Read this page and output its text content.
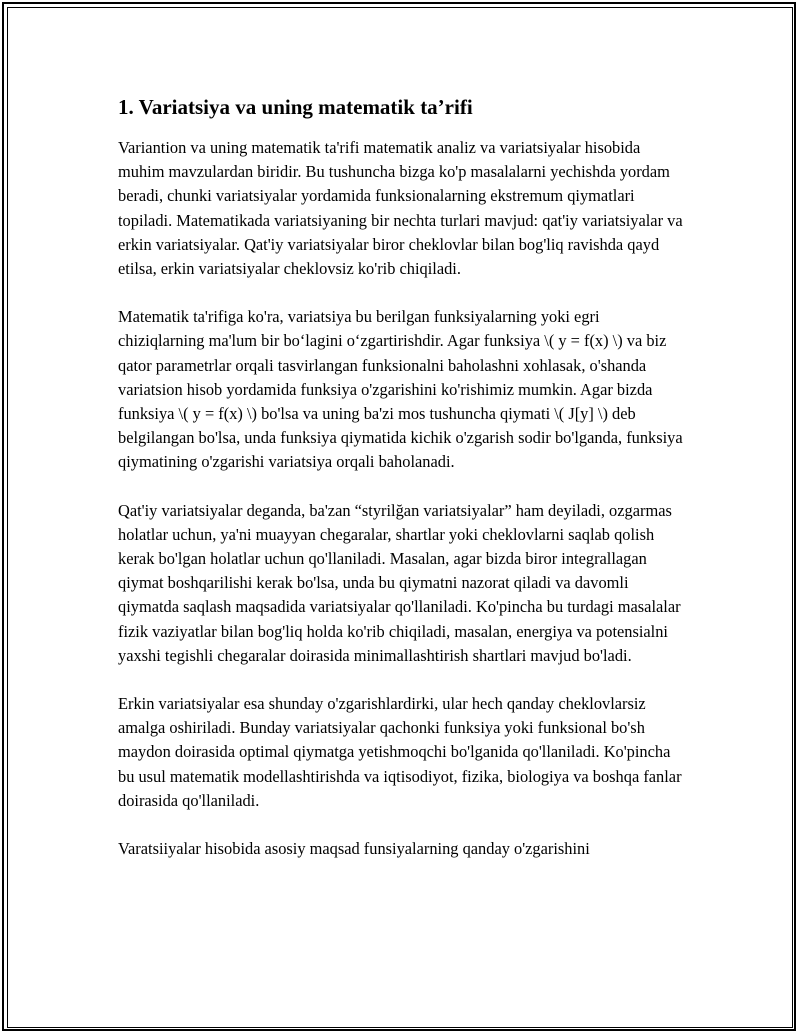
1. Variatsiya va uning matematik ta’rifi

Variantion va uning matematik ta'rifi matematik analiz va variatsiyalar hisobida muhim mavzulardan biridir. Bu tushuncha bizga ko'p masalalarni yechishda yordam beradi, chunki variatsiyalar yordamida funksionalarning ekstremum qiymatlari topiladi. Matematikada variatsiyaning bir nechta turlari mavjud: qat'iy variatsiyalar va erkin variatsiyalar. Qat'iy variatsiyalar biror cheklovlar bilan bog'liq ravishda qayd etilsa, erkin variatsiyalar cheklovsiz ko'rib chiqiladi.

Matematik ta'rifiga ko'ra, variatsiya bu berilgan funksiyalarning yoki egri chiziqlarning ma'lum bir bo‘lagini o‘zgartirishdir. Agar funksiya \( y = f(x) \) va biz qator parametrlar orqali tasvirlangan funksionalni baholashni xohlasak, o'shanda variatsion hisob yordamida funksiya o'zgarishini ko'rishimiz mumkin. Agar bizda funksiya \( y = f(x) \) bo'lsa va uning ba'zi mos tushuncha qiymati \( J[y] \) deb belgilangan bo'lsa, unda funksiya qiymatida kichik o'zgarish sodir bo'lganda, funksiya qiymatining o'zgarishi variatsiya orqali baholanadi.

Qat'iy variatsiyalar deganda, ba'zan “styrilğan variatsiyalar” ham deyiladi, ozgarmas holatlar uchun, ya'ni muayyan chegaralar, shartlar yoki cheklovlarni saqlab qolish kerak bo'lgan holatlar uchun qo'llaniladi. Masalan, agar bizda biror integrallagan qiymat boshqarilishi kerak bo'lsa, unda bu qiymatni nazorat qiladi va davomli qiymatda saqlash maqsadida variatsiyalar qo'llaniladi. Ko'pincha bu turdagi masalalar fizik vaziyatlar bilan bog'liq holda ko'rib chiqiladi, masalan, energiya va potensialni yaxshi tegishli chegaralar doirasida minimallashtirish shartlari mavjud bo'ladi.

Erkin variatsiyalar esa shunday o'zgarishlardirki, ular hech qanday cheklovlarsiz amalga oshiriladi. Bunday variatsiyalar qachonki funksiya yoki funksional bo'sh maydon doirasida optimal qiymatga yetishmoqchi bo'lganida qo'llaniladi. Ko'pincha bu usul matematik modellashtirishda va iqtisodiyot, fizika, biologiya va boshqa fanlar doirasida qo'llaniladi.

Varatsiiyalar hisobida asosiy maqsad funsiyalarning qanday o'zgarishini
